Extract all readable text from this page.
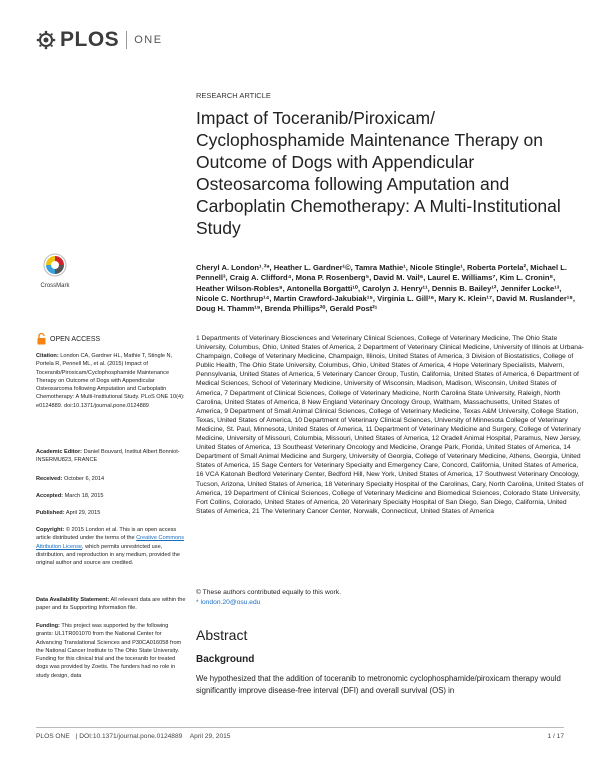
PLOS ONE
RESEARCH ARTICLE
Impact of Toceranib/Piroxicam/ Cyclophosphamide Maintenance Therapy on Outcome of Dogs with Appendicular Osteosarcoma following Amputation and Carboplatin Chemotherapy: A Multi-Institutional Study
Cheryl A. London¹˒²*, Heather L. Gardner¹©, Tamra Mathie¹, Nicole Stingle¹, Roberta Portela², Michael L. Pennell³, Craig A. Clifford⁴, Mona P. Rosenberg⁵, David M. Vail⁶, Laurel E. Williams⁷, Kim L. Cronin⁸, Heather Wilson-Robles⁹, Antonella Borgatti¹⁰, Carolyn J. Henry¹¹, Dennis B. Bailey¹², Jennifer Locke¹³, Nicole C. Northrup¹⁴, Martin Crawford-Jakubiak¹⁵, Virginia L. Gill¹⁶, Mary K. Klein¹⁷, David M. Ruslander¹⁸, Doug H. Thamm¹⁹, Brenda Phillips²⁰, Gerald Post²¹
1 Departments of Veterinary Biosciences and Veterinary Clinical Sciences, College of Veterinary Medicine, The Ohio State University, Columbus, Ohio, United States of America, 2 Department of Veterinary Clinical Medicine, University of Illinois at Urbana-Champaign, College of Veterinary Medicine, Champaign, Illinois, United States of America, 3 Division of Biostatistics, College of Public Health, The Ohio State University, Columbus, Ohio, United States of America, 4 Hope Veterinary Specialists, Malvern, Pennsylvania, United States of America, 5 Veterinary Cancer Group, Tustin, California, United States of America, 6 Department of Medical Sciences, School of Veterinary Medicine, University of Wisconsin, Madison, Madison, Wisconsin, United States of America, 7 Department of Clinical Sciences, College of Veterinary Medicine, North Carolina State University, Raleigh, North Carolina, United States of America, 8 New England Veterinary Oncology Group, Waltham, Massachusetts, United States of America, 9 Department of Small Animal Clinical Sciences, College of Veterinary Medicine, Texas A&M University, College Station, Texas, United States of America, 10 Department of Veterinary Clinical Sciences, University of Minnesota College of Veterinary Medicine, St. Paul, Minnesota, United States of America, 11 Department of Veterinary Medicine and Surgery, College of Veterinary Medicine, University of Missouri, Columbia, Missouri, United States of America, 12 Oradell Animal Hospital, Paramus, New Jersey, United States of America, 13 Southeast Veterinary Oncology and Medicine, Orange Park, Florida, United States of America, 14 Department of Small Animal Medicine and Surgery, University of Georgia, College of Veterinary Medicine, Athens, Georgia, United States of America, 15 Sage Centers for Veterinary Specialty and Emergency Care, Concord, California, United States of America, 16 VCA Katonah Bedford Veterinary Center, Bedford Hill, New York, United States of America, 17 Southwest Veterinary Oncology, Tucson, Arizona, United States of America, 18 Veterinary Specialty Hospital of the Carolinas, Cary, North Carolina, United States of America, 19 Department of Clinical Sciences, College of Veterinary Medicine and Biomedical Sciences, Colorado State University, Fort Collins, Colorado, United States of America, 20 Veterinary Specialty Hospital of San Diego, San Diego, California, United States of America, 21 The Veterinary Cancer Center, Norwalk, Connecticut, United States of America
© These authors contributed equally to this work.
* london.20@osu.edu
Abstract
Background
We hypothesized that the addition of toceranib to metronomic cyclophosphamide/piroxicam therapy would significantly improve disease-free interval (DFI) and overall survival (OS) in
CrossMark
OPEN ACCESS
Citation: London CA, Gardner HL, Mathie T, Stingle N, Portela R, Pennell ML, et al. (2015) Impact of Toceranib/Piroxicam/Cyclophosphamide Maintenance Therapy on Outcome of Dogs with Appendicular Osteosarcoma following Amputation and Carboplatin Chemotherapy: A Multi-Institutional Study. PLoS ONE 10(4): e0124889. doi:10.1371/journal.pone.0124889
Academic Editor: Daniel Bouvard, Institut Albert Bonniot-INSERMU823, FRANCE
Received: October 6, 2014
Accepted: March 18, 2015
Published: April 29, 2015
Copyright: © 2015 London et al. This is an open access article distributed under the terms of the Creative Commons Attribution License, which permits unrestricted use, distribution, and reproduction in any medium, provided the original author and source are credited.
Data Availability Statement: All relevant data are within the paper and its Supporting Information file.
Funding: This project was supported by the following grants: UL1TR001070 from the National Center for Advancing Translational Sciences and P30CA016058 from the National Cancer Institute to The Ohio State University. Funding for this clinical trial and the toceranib for treated dogs was provided by Zoetis. The funders had no role in study design, data
PLOS ONE | DOI:10.1371/journal.pone.0124889 April 29, 2015	1 / 17
